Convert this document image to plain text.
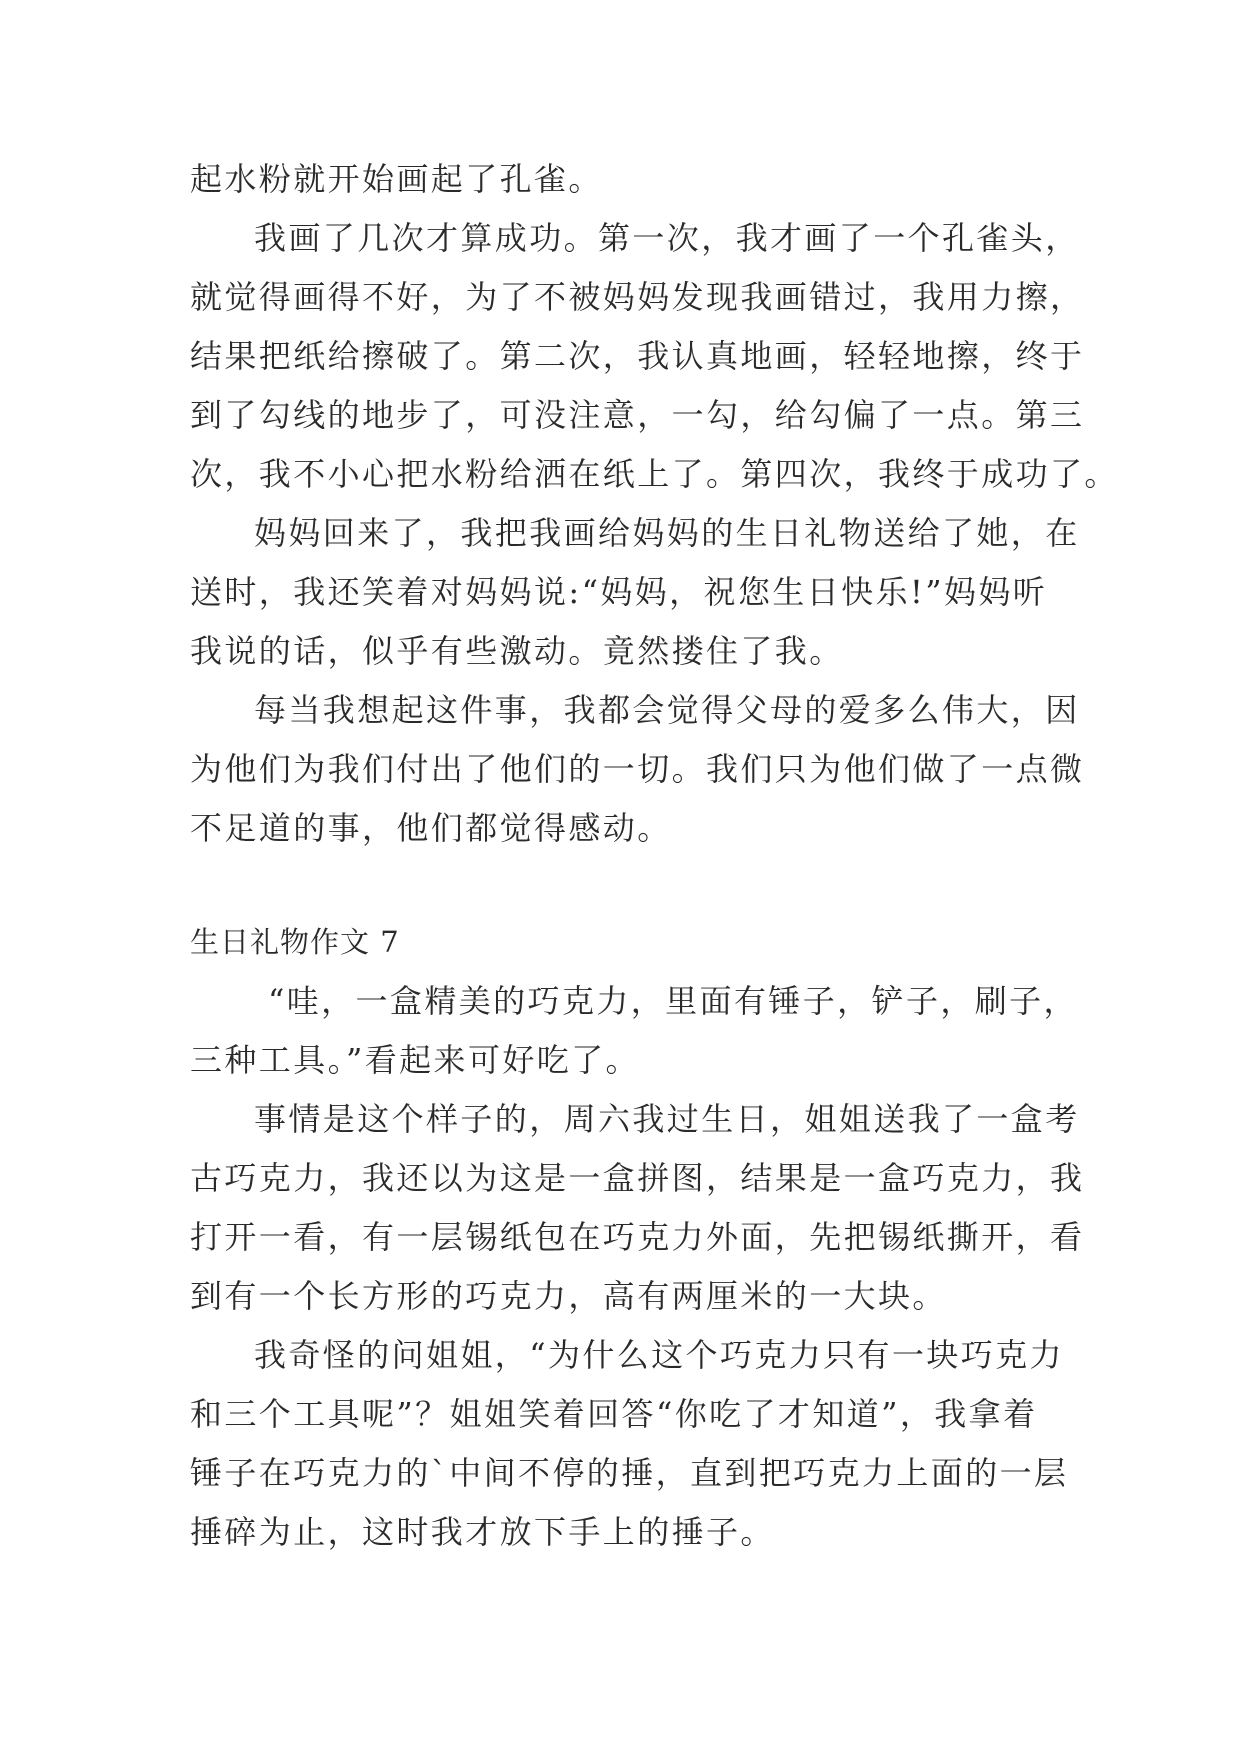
起水粉就开始画起了孔雀。
我画了几次才算成功。第一次，我才画了一个孔雀头，
就觉得画得不好，为了不被妈妈发现我画错过，我用力擦，
结果把纸给擦破了。第二次，我认真地画，轻轻地擦，终于
到了勾线的地步了，可没注意，一勾，给勾偏了一点。第三
次，我不小心把水粉给洒在纸上了。第四次，我终于成功了。
妈妈回来了，我把我画给妈妈的生日礼物送给了她，在
送时，我还笑着对妈妈说:“妈妈，祝您生日快乐!”妈妈听
我说的话，似乎有些激动。竟然搂住了我。
每当我想起这件事，我都会觉得父母的爱多么伟大，因
为他们为我们付出了他们的一切。我们只为他们做了一点微
不足道的事，他们都觉得感动。
生日礼物作文 7
“哇，一盒精美的巧克力，里面有锤子，铲子，刷子，
三种工具。”看起来可好吃了。
事情是这个样子的，周六我过生日，姐姐送我了一盒考
古巧克力，我还以为这是一盒拼图，结果是一盒巧克力，我
打开一看，有一层锡纸包在巧克力外面，先把锡纸撕开，看
到有一个长方形的巧克力，高有两厘米的一大块。
我奇怪的问姐姐，“为什么这个巧克力只有一块巧克力
和三个工具呢”？姐姐笑着回答“你吃了才知道”，我拿着
锤子在巧克力的`中间不停的捶，直到把巧克力上面的一层
捶碎为止，这时我才放下手上的捶子。
